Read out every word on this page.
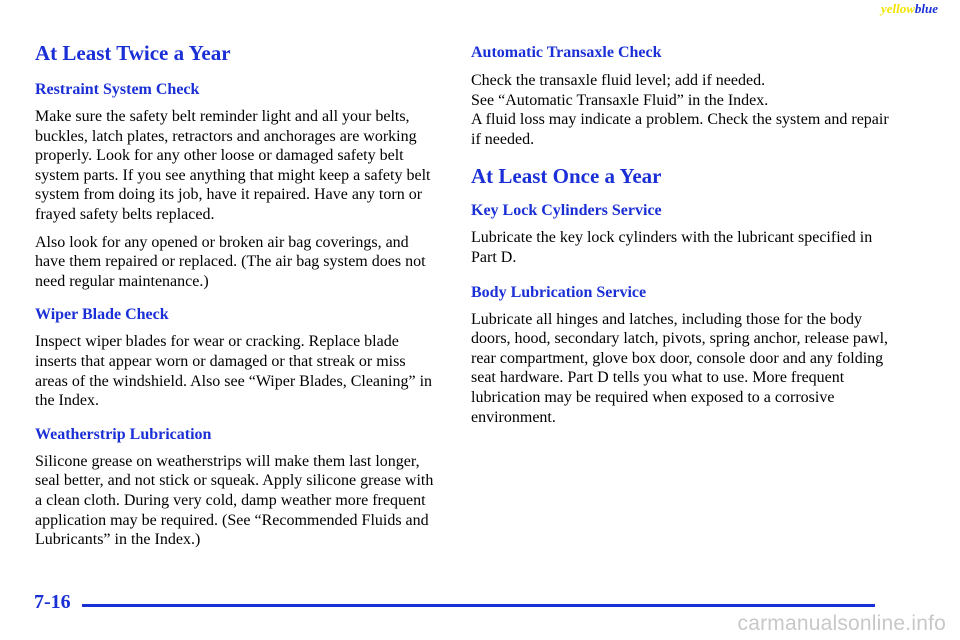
yellowblue
At Least Twice a Year
Restraint System Check

Make sure the safety belt reminder light and all your belts, buckles, latch plates, retractors and anchorages are working properly. Look for any other loose or damaged safety belt system parts. If you see anything that might keep a safety belt system from doing its job, have it repaired. Have any torn or frayed safety belts replaced.

Also look for any opened or broken air bag coverings, and have them repaired or replaced. (The air bag system does not need regular maintenance.)

Wiper Blade Check

Inspect wiper blades for wear or cracking. Replace blade inserts that appear worn or damaged or that streak or miss areas of the windshield. Also see “Wiper Blades, Cleaning” in the Index.

Weatherstrip Lubrication

Silicone grease on weatherstrips will make them last longer, seal better, and not stick or squeak. Apply silicone grease with a clean cloth. During very cold, damp weather more frequent application may be required. (See “Recommended Fluids and Lubricants” in the Index.)

Automatic Transaxle Check

Check the transaxle fluid level; add if needed.
See “Automatic Transaxle Fluid” in the Index.
A fluid loss may indicate a problem. Check the system and repair if needed.

At Least Once a Year
Key Lock Cylinders Service

Lubricate the key lock cylinders with the lubricant specified in Part D.

Body Lubrication Service

Lubricate all hinges and latches, including those for the body doors, hood, secondary latch, pivots, spring anchor, release pawl, rear compartment, glove box door, console door and any folding seat hardware. Part D tells you what to use. More frequent lubrication may be required when exposed to a corrosive environment.

7-16
carmanualsonline.info
